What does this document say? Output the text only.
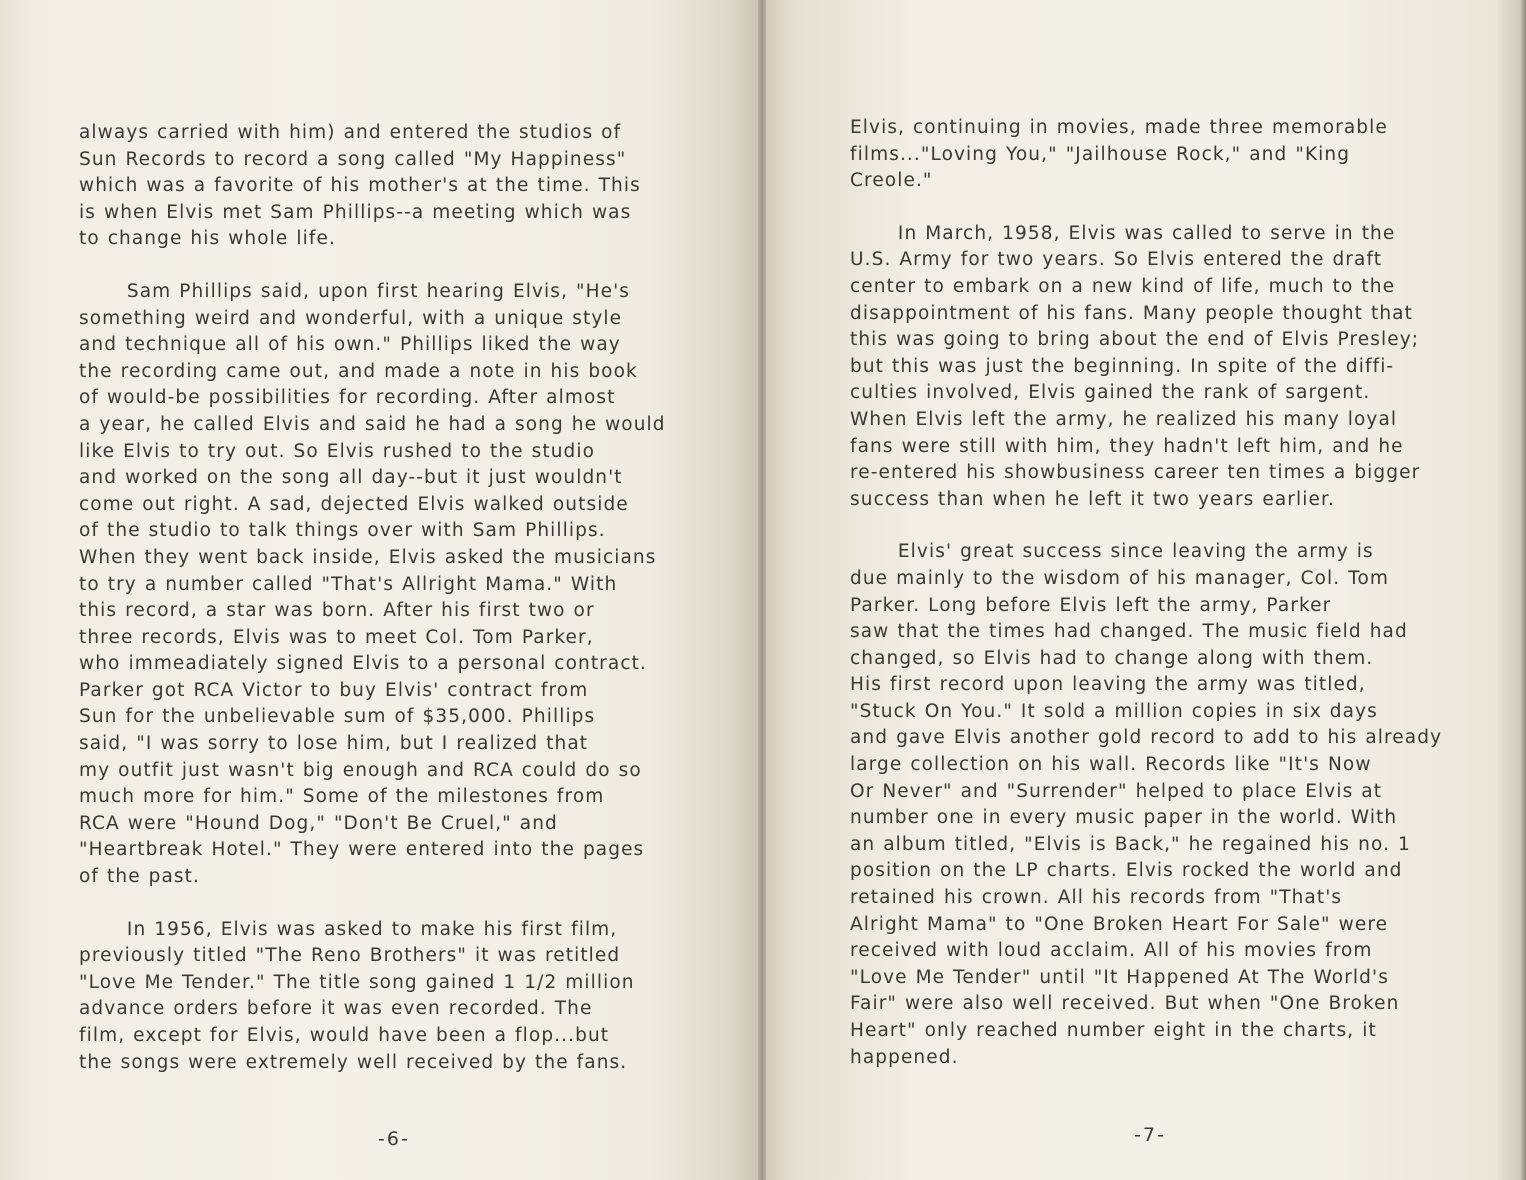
always carried with him) and entered the studios of
Sun Records to record a song called "My Happiness"
which was a favorite of his mother's at the time. This
is when Elvis met Sam Phillips--a meeting which was
to change his whole life.

Sam Phillips said, upon first hearing Elvis, "He's
something weird and wonderful, with a unique style
and technique all of his own." Phillips liked the way
the recording came out, and made a note in his book
of would-be possibilities for recording. After almost
a year, he called Elvis and said he had a song he would
like Elvis to try out. So Elvis rushed to the studio
and worked on the song all day--but it just wouldn't
come out right. A sad, dejected Elvis walked outside
of the studio to talk things over with Sam Phillips.
When they went back inside, Elvis asked the musicians
to try a number called "That's Allright Mama." With
this record, a star was born. After his first two or
three records, Elvis was to meet Col. Tom Parker,
who immeadiately signed Elvis to a personal contract.
Parker got RCA Victor to buy Elvis' contract from
Sun for the unbelievable sum of $35,000. Phillips
said, "I was sorry to lose him, but I realized that
my outfit just wasn't big enough and RCA could do so
much more for him." Some of the milestones from
RCA were "Hound Dog," "Don't Be Cruel," and
"Heartbreak Hotel." They were entered into the pages
of the past.

In 1956, Elvis was asked to make his first film,
previously titled "The Reno Brothers" it was retitled
"Love Me Tender." The title song gained 1 1/2 million
advance orders before it was even recorded. The
film, except for Elvis, would have been a flop...but
the songs were extremely well received by the fans.

-6-

Elvis, continuing in movies, made three memorable
films..."Loving You," "Jailhouse Rock," and "King
Creole."

In March, 1958, Elvis was called to serve in the
U.S. Army for two years. So Elvis entered the draft
center to embark on a new kind of life, much to the
disappointment of his fans. Many people thought that
this was going to bring about the end of Elvis Presley;
but this was just the beginning. In spite of the diffi-
culties involved, Elvis gained the rank of sargent.
When Elvis left the army, he realized his many loyal
fans were still with him, they hadn't left him, and he
re-entered his showbusiness career ten times a bigger
success than when he left it two years earlier.

Elvis' great success since leaving the army is
due mainly to the wisdom of his manager, Col. Tom
Parker. Long before Elvis left the army, Parker
saw that the times had changed. The music field had
changed, so Elvis had to change along with them.
His first record upon leaving the army was titled,
"Stuck On You." It sold a million copies in six days
and gave Elvis another gold record to add to his already
large collection on his wall. Records like "It's Now
Or Never" and "Surrender" helped to place Elvis at
number one in every music paper in the world. With
an album titled, "Elvis is Back," he regained his no. 1
position on the LP charts. Elvis rocked the world and
retained his crown. All his records from "That's
Alright Mama" to "One Broken Heart For Sale" were
received with loud acclaim. All of his movies from
"Love Me Tender" until "It Happened At The World's
Fair" were also well received. But when "One Broken
Heart" only reached number eight in the charts, it
happened.

-7-
